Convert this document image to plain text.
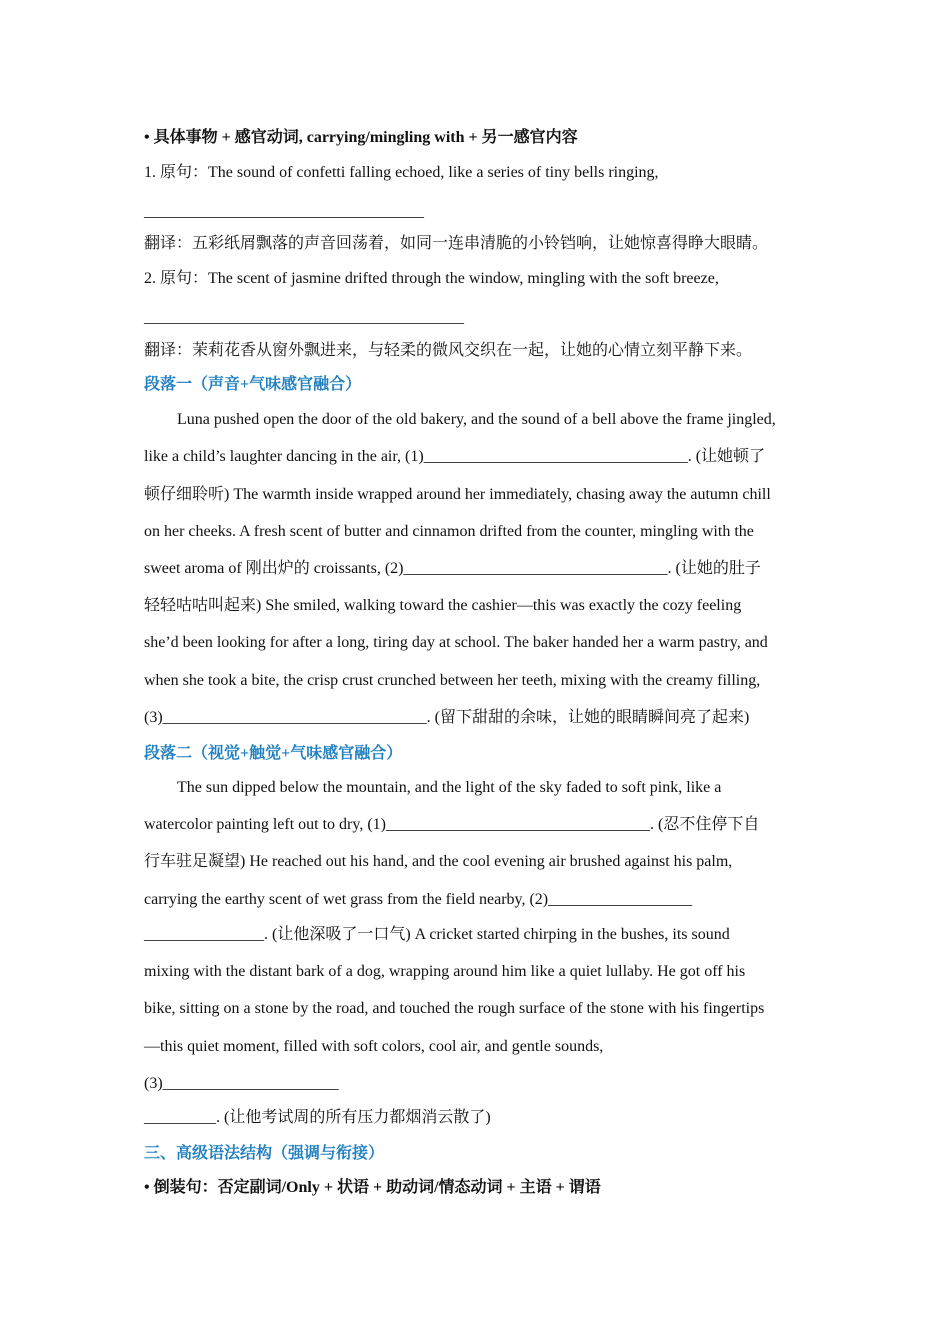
• 具体事物 + 感官动词, carrying/mingling with + 另一感官内容
1. 原句：The sound of confetti falling echoed, like a series of tiny bells ringing,
___________________________________
翻译：五彩纸屑飘落的声音回荡着，如同一连串清脆的小铃铛响，让她惊喜得睁大眼睛。
2. 原句：The scent of jasmine drifted through the window, mingling with the soft breeze,
________________________________________
翻译：茉莉花香从窗外飘进来，与轻柔的微风交织在一起，让她的心情立刻平静下来。
段落一（声音+气味感官融合）
Luna pushed open the door of the old bakery, and the sound of a bell above the frame jingled,
like a child’s laughter dancing in the air, (1)_________________________________. (让她顿了
顿仔细聆听) The warmth inside wrapped around her immediately, chasing away the autumn chill
on her cheeks. A fresh scent of butter and cinnamon drifted from the counter, mingling with the
sweet aroma of 刚出炉的 croissants, (2)_________________________________. (让她的肚子
轻轻咕咕叫起来) She smiled, walking toward the cashier—this was exactly the cozy feeling
she’d been looking for after a long, tiring day at school. The baker handed her a warm pastry, and
when she took a bite, the crisp crust crunched between her teeth, mixing with the creamy filling,
(3)_________________________________. (留下甜甜的余味，让她的眼睛瞬间亮了起来)
段落二（视觉+触觉+气味感官融合）
The sun dipped below the mountain, and the light of the sky faded to soft pink, like a
watercolor painting left out to dry, (1)_________________________________. (忍不住停下自
行车驻足凝望) He reached out his hand, and the cool evening air brushed against his palm,
carrying the earthy scent of wet grass from the field nearby, (2)__________________
_______________. (让他深吸了一口气) A cricket started chirping in the bushes, its sound
mixing with the distant bark of a dog, wrapping around him like a quiet lullaby. He got off his
bike, sitting on a stone by the road, and touched the rough surface of the stone with his fingertips
—this quiet moment, filled with soft colors, cool air, and gentle sounds,
(3)______________________
_________. (让他考试周的所有压力都烟消云散了)
三、高级语法结构（强调与衔接）
• 倒装句：否定副词/Only + 状语 + 助动词/情态动词 + 主语 + 谓语
